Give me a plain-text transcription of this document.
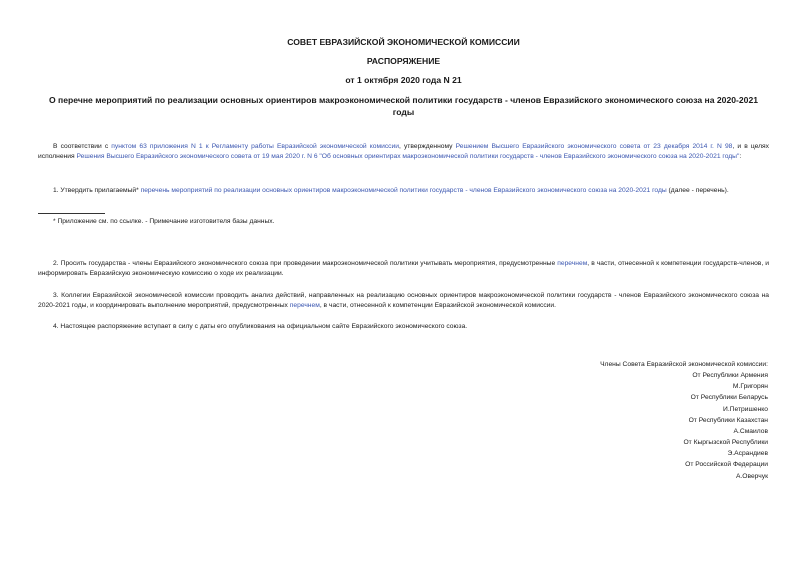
СОВЕТ ЕВРАЗИЙСКОЙ ЭКОНОМИЧЕСКОЙ КОМИССИИ
РАСПОРЯЖЕНИЕ
от 1 октября 2020 года N 21
О перечне мероприятий по реализации основных ориентиров макроэкономической политики государств - членов Евразийского экономического союза на 2020-2021 годы
В соответствии с пунктом 63 приложения N 1 к Регламенту работы Евразийской экономической комиссии, утвержденному Решением Высшего Евразийского экономического совета от 23 декабря 2014 г. N 98, и в целях исполнения Решения Высшего Евразийского экономического совета от 19 мая 2020 г. N 6 "Об основных ориентирах макроэкономической политики государств - членов Евразийского экономического союза на 2020-2021 годы":
1. Утвердить прилагаемый* перечень мероприятий по реализации основных ориентиров макроэкономической политики государств - членов Евразийского экономического союза на 2020-2021 годы (далее - перечень).
* Приложение см. по ссылке. - Примечание изготовителя базы данных.
2. Просить государства - члены Евразийского экономического союза при проведении макроэкономической политики учитывать мероприятия, предусмотренные перечнем, в части, отнесенной к компетенции государств-членов, и информировать Евразийскую экономическую комиссию о ходе их реализации.
3. Коллегии Евразийской экономической комиссии проводить анализ действий, направленных на реализацию основных ориентиров макроэкономической политики государств - членов Евразийского экономического союза на 2020-2021 годы, и координировать выполнение мероприятий, предусмотренных перечнем, в части, отнесенной к компетенции Евразийской экономической комиссии.
4. Настоящее распоряжение вступает в силу с даты его опубликования на официальном сайте Евразийского экономического союза.
Члены Совета Евразийской экономической комиссии:
От Республики Армения
М.Григорян
От Республики Беларусь
И.Петришенко
От Республики Казахстан
А.Смаилов
От Кыргызской Республики
Э.Асрандиев
От Российской Федерации
А.Оверчук
